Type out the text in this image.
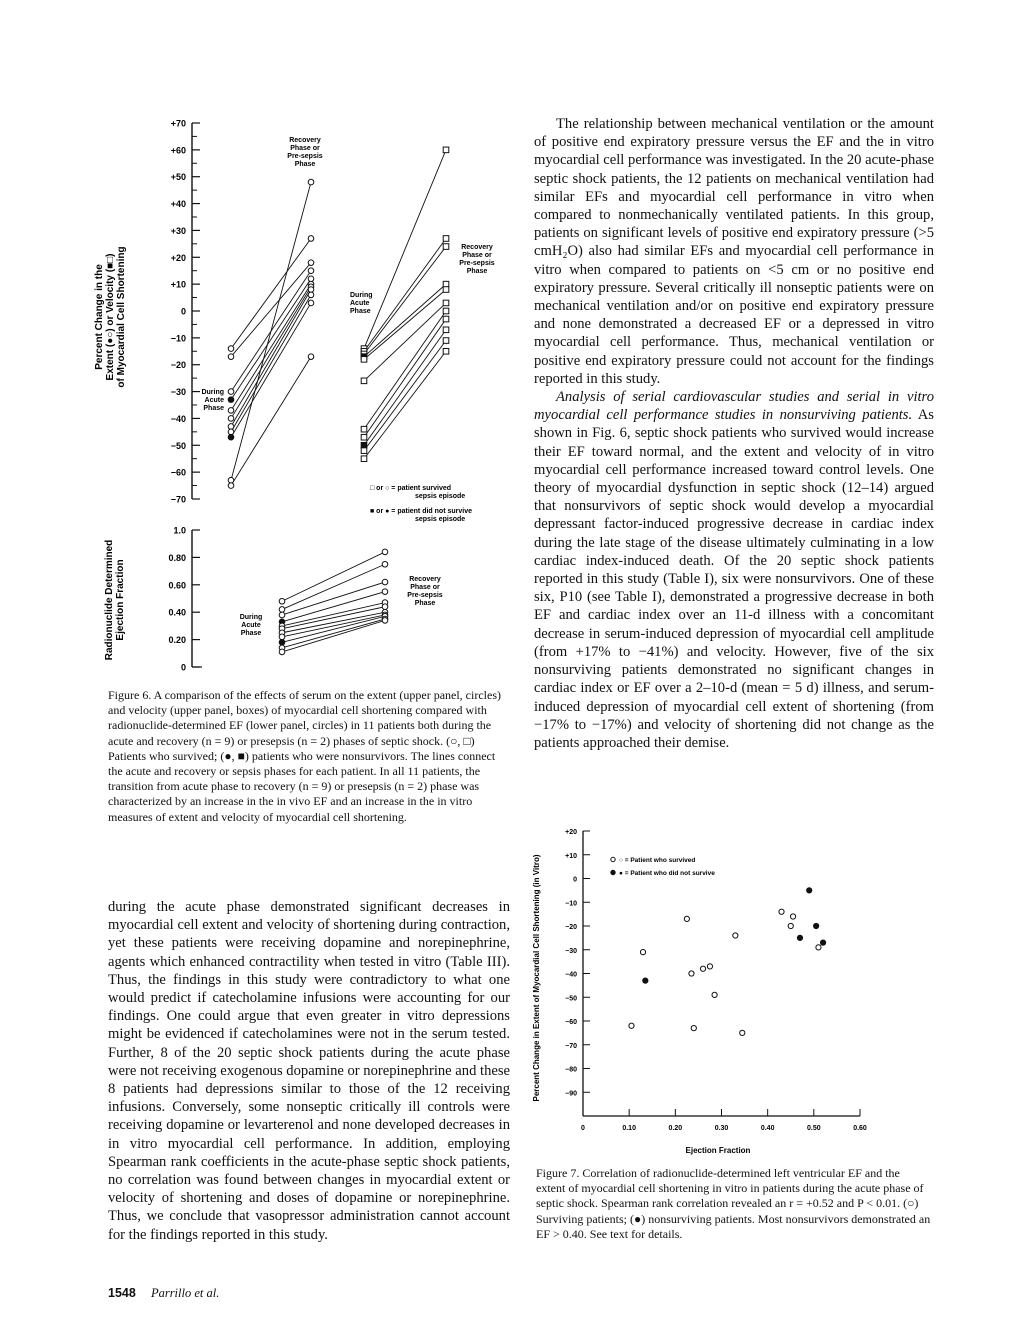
+70
+60
+50
+40
+30
+20
+10
0
−10
−20
−30
−40
−50
−60
−70
1.0
0.80
0.60
0.40
0.20
0
Percent Change in the Extent (●○) or Velocity (■□) of Myocardial Cell Shortening
Radionuclide Determined Ejection Fraction
During
Acute
Phase
Recovery
Phase or
Pre-sepsis
Phase
During
Acute
Phase
Recovery
Phase or
Pre-sepsis
Phase
□ or ○ = patient survived
sepsis episode
■ or ● = patient did not survive
sepsis episode
During
Acute
Phase
Recovery
Phase or
Pre-sepsis
Phase
Figure 6. A comparison of the effects of serum on the extent (upper panel, circles) and velocity (upper panel, boxes) of myocardial cell shortening compared with radionuclide-determined EF (lower panel, circles) in 11 patients both during the acute and recovery (n = 9) or presepsis (n = 2) phases of septic shock. (○, □) Patients who survived; (●, ■) patients who were nonsurvivors. The lines connect the acute and recovery or sepsis phases for each patient. In all 11 patients, the transition from acute phase to recovery (n = 9) or presepsis (n = 2) phase was characterized by an increase in the in vivo EF and an increase in the in vitro measures of extent and velocity of myocardial cell shortening.

during the acute phase demonstrated significant decreases in myocardial cell extent and velocity of shortening during contraction, yet these patients were receiving dopamine and norepinephrine, agents which enhanced contractility when tested in vitro (Table III). Thus, the findings in this study were contradictory to what one would predict if catecholamine infusions were accounting for our findings. One could argue that even greater in vitro depressions might be evidenced if catecholamines were not in the serum tested. Further, 8 of the 20 septic shock patients during the acute phase were not receiving exogenous dopamine or norepinephrine and these 8 patients had depressions similar to those of the 12 receiving infusions. Conversely, some nonseptic critically ill controls were receiving dopamine or levarterenol and none developed decreases in in vitro myocardial cell performance. In addition, employing Spearman rank coefficients in the acute-phase septic shock patients, no correlation was found between changes in myocardial extent or velocity of shortening and doses of dopamine or norepinephrine. Thus, we conclude that vasopressor administration cannot account for the findings reported in this study.

The relationship between mechanical ventilation or the amount of positive end expiratory pressure versus the EF and the in vitro myocardial cell performance was investigated. In the 20 acute-phase septic shock patients, the 12 patients on mechanical ventilation had similar EFs and myocardial cell performance in vitro when compared to nonmechanically ventilated patients. In this group, patients on significant levels of positive end expiratory pressure (>5 cmH₂O) also had similar EFs and myocardial cell performance in vitro when compared to patients on <5 cm or no positive end expiratory pressure. Several critically ill nonseptic patients were on mechanical ventilation and/or on positive end expiratory pressure and none demonstrated a decreased EF or a depressed in vitro myocardial cell performance. Thus, mechanical ventilation or positive end expiratory pressure could not account for the findings reported in this study.

Analysis of serial cardiovascular studies and serial in vitro myocardial cell performance studies in nonsurviving patients. As shown in Fig. 6, septic shock patients who survived would increase their EF toward normal, and the extent and velocity of in vitro myocardial cell performance increased toward control levels. One theory of myocardial dysfunction in septic shock (12–14) argued that nonsurvivors of septic shock would develop a myocardial depressant factor-induced progressive decrease in cardiac index during the late stage of the disease ultimately culminating in a low cardiac index-induced death. Of the 20 septic shock patients reported in this study (Table I), six were nonsurvivors. One of these six, P10 (see Table I), demonstrated a progressive decrease in both EF and cardiac index over an 11-d illness with a concomitant decrease in serum-induced depression of myocardial cell amplitude (from +17% to −41%) and velocity. However, five of the six nonsurviving patients demonstrated no significant changes in cardiac index or EF over a 2–10-d (mean = 5 d) illness, and serum-induced depression of myocardial cell extent of shortening (from −17% to −17%) and velocity of shortening did not change as the patients approached their demise.

+20
+10
0
−10
−20
−30
−40
−50
−60
−70
−80
−90
0	0.10	0.20	0.30	0.40	0.50	0.60
Percent Change in Extent of Myocardial Cell Shortening (in Vitro)
Ejection Fraction
○ = Patient who survived
● = Patient who did not survive
Figure 7. Correlation of radionuclide-determined left ventricular EF and the extent of myocardial cell shortening in vitro in patients during the acute phase of septic shock. Spearman rank correlation revealed an r = +0.52 and P < 0.01. (○) Surviving patients; (●) nonsurviving patients. Most nonsurvivors demonstrated an EF > 0.40. See text for details.
1548 Parrillo et al.
